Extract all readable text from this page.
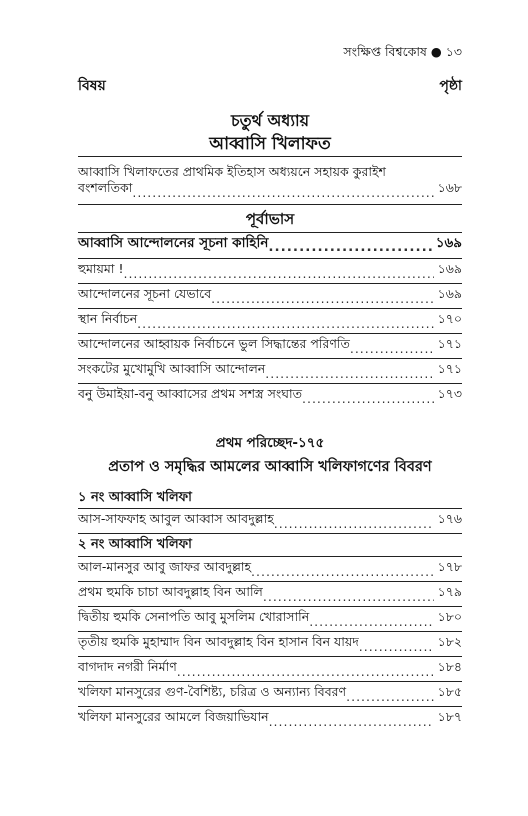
সংক্ষিপ্ত বিশ্বকোষ ● ১৩
বিষয়	পৃষ্ঠা
চতুর্থ অধ্যায়
আব্বাসি খিলাফত
আব্বাসি খিলাফতের প্রাথমিক ইতিহাস অধ্যয়নে সহায়ক কুরাইশ
বংশলতিকা .....	১৬৮
পূর্বাভাস
আব্বাসি আন্দোলনের সূচনা কাহিনি .....	১৬৯
হুমায়মা ! .....	১৬৯
আন্দোলনের সূচনা যেভাবে .....	১৬৯
স্থান নির্বাচন .....	১৭০
আন্দোলনের আহ্বায়ক নির্বাচনে ভুল সিদ্ধান্তের পরিণতি .....	১৭১
সংকটের মুখোমুখি আব্বাসি আন্দোলন .....	১৭১
বনু উমাইয়া-বনু আব্বাসের প্রথম সশস্ত্র সংঘাত .....	১৭৩
প্রথম পরিচ্ছেদ-১৭৫
প্রতাপ ও সমৃদ্ধির আমলের আব্বাসি খলিফাগণের বিবরণ
১ নং আব্বাসি খলিফা
আস-সাফফাহ আবুল আব্বাস আবদুল্লাহ .....	১৭৬
২ নং আব্বাসি খলিফা
আল-মানসুর আবু জাফর আবদুল্লাহ .....	১৭৮
প্রথম হুমকি চাচা আবদুল্লাহ বিন আলি .....	১৭৯
দ্বিতীয় হুমকি সেনাপতি আবু মুসলিম খোরাসানি .....	১৮০
তৃতীয় হুমকি মুহাম্মাদ বিন আবদুল্লাহ বিন হাসান বিন যায়দ .....	১৮২
বাগদাদ নগরী নির্মাণ .....	১৮৪
খলিফা মানসুরের গুণ-বৈশিষ্ট্য, চরিত্র ও অন্যান্য বিবরণ .....	১৮৫
খলিফা মানসুরের আমলে বিজয়াভিযান .....	১৮৭
